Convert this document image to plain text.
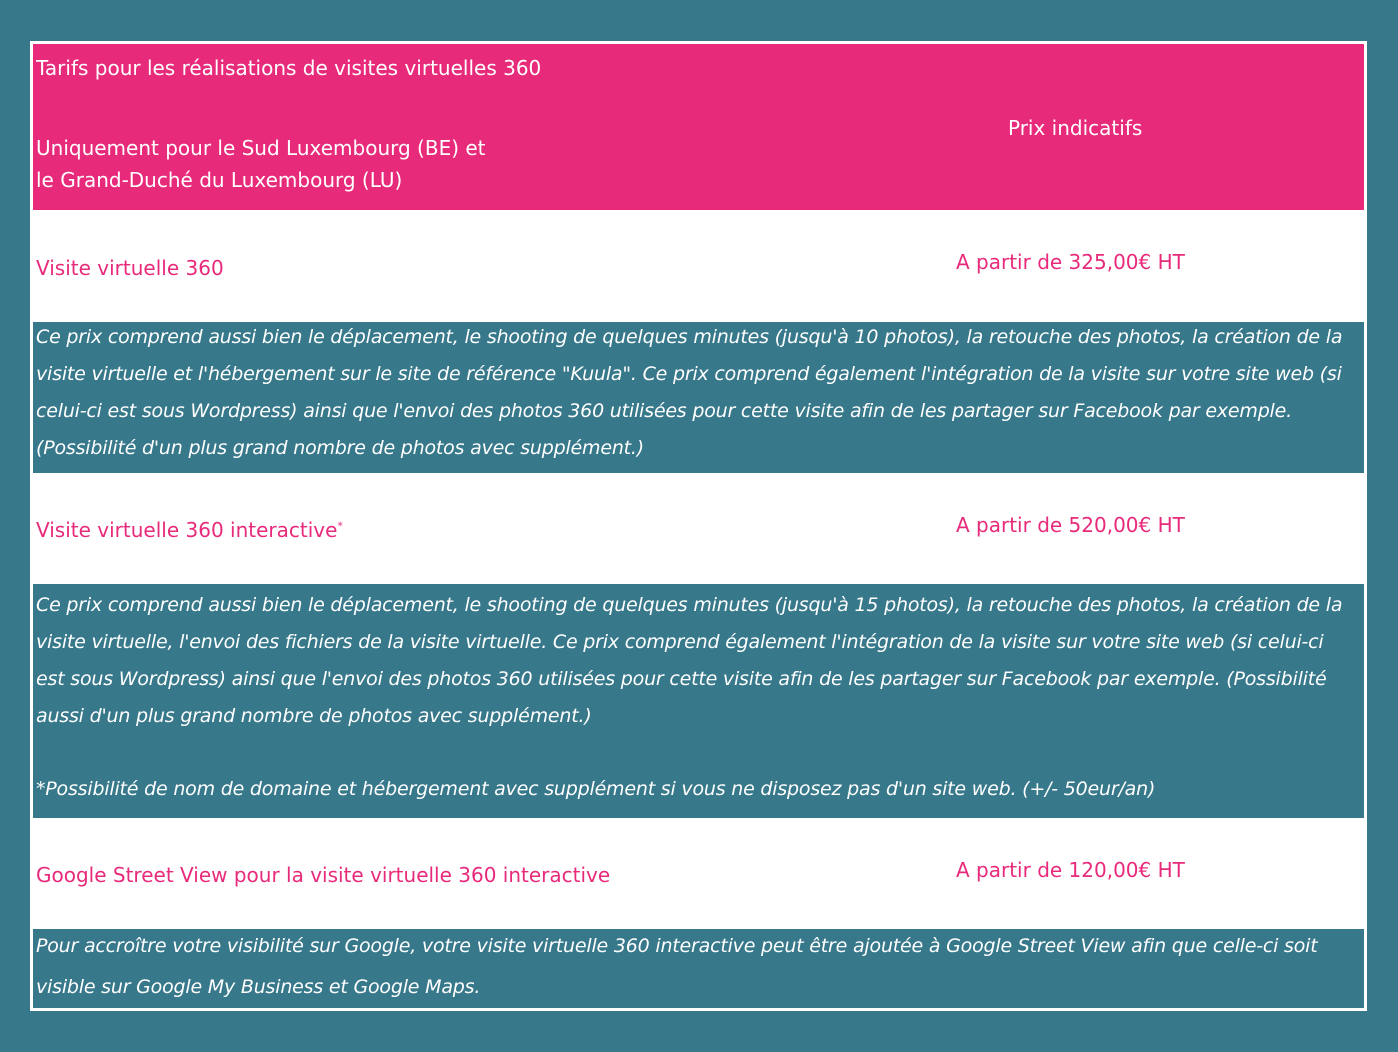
Tarifs pour les réalisations de visites virtuelles 360
Uniquement pour le Sud Luxembourg (BE) et
le Grand-Duché du Luxembourg (LU)
Prix indicatifs
Visite virtuelle 360	A partir de 325,00€ HT
Ce prix comprend aussi bien le déplacement, le shooting de quelques minutes (jusqu'à 10 photos), la retouche des photos, la création de la visite virtuelle et l'hébergement sur le site de référence "Kuula". Ce prix comprend également l'intégration de la visite sur votre site web (si celui-ci est sous Wordpress) ainsi que l'envoi des photos 360 utilisées pour cette visite afin de les partager sur Facebook par exemple. (Possibilité d'un plus grand nombre de photos avec supplément.)
Visite virtuelle 360 interactive*	A partir de 520,00€ HT
Ce prix comprend aussi bien le déplacement, le shooting de quelques minutes (jusqu'à 15 photos), la retouche des photos, la création de la visite virtuelle, l'envoi des fichiers de la visite virtuelle. Ce prix comprend également l'intégration de la visite sur votre site web (si celui-ci est sous Wordpress) ainsi que l'envoi des photos 360 utilisées pour cette visite afin de les partager sur Facebook par exemple. (Possibilité aussi d'un plus grand nombre de photos avec supplément.)
*Possibilité de nom de domaine et hébergement avec supplément si vous ne disposez pas d'un site web. (+/- 50eur/an)
Google Street View pour la visite virtuelle 360 interactive	A partir de 120,00€ HT
Pour accroître votre visibilité sur Google, votre visite virtuelle 360 interactive peut être ajoutée à Google Street View afin que celle-ci soit visible sur Google My Business et Google Maps.
